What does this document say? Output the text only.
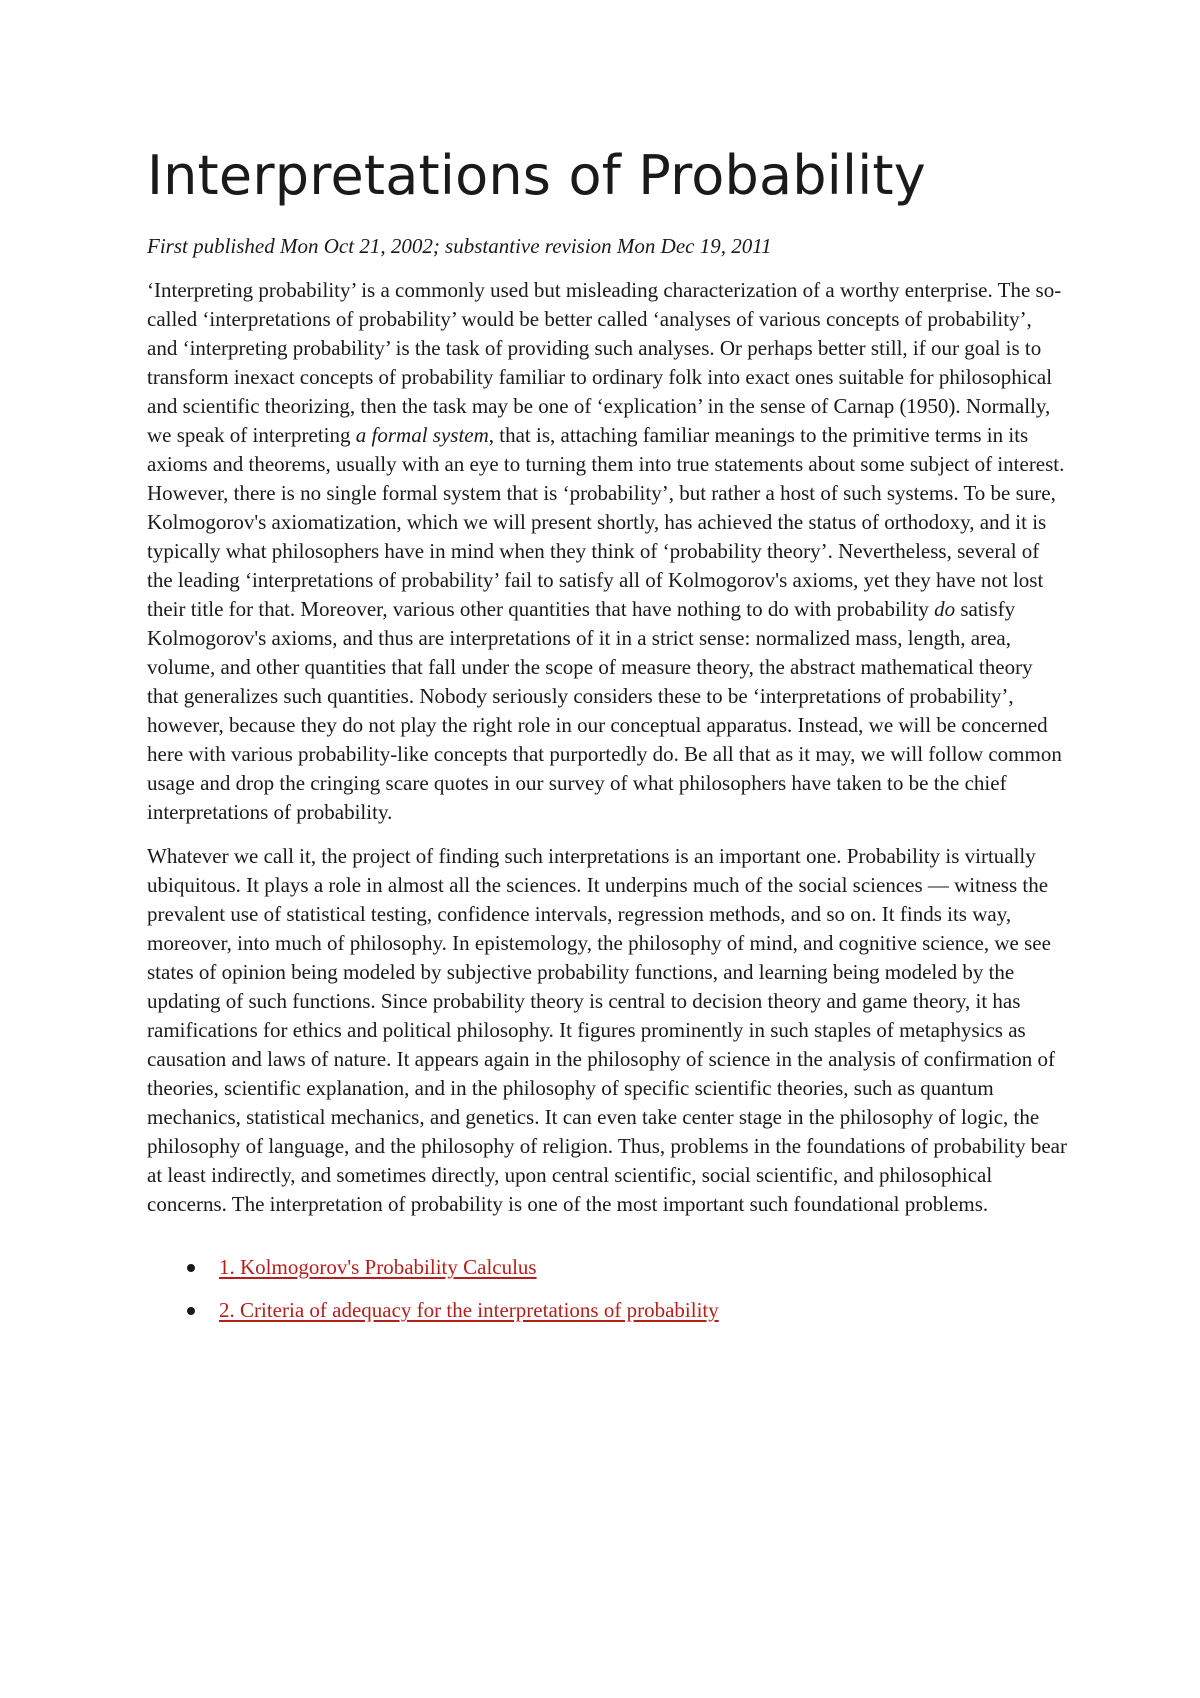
Interpretations of Probability

First published Mon Oct 21, 2002; substantive revision Mon Dec 19, 2011

‘Interpreting probability’ is a commonly used but misleading characterization of a worthy enterprise. The so-called ‘interpretations of probability’ would be better called ‘analyses of various concepts of probability’, and ‘interpreting probability’ is the task of providing such analyses. Or perhaps better still, if our goal is to transform inexact concepts of probability familiar to ordinary folk into exact ones suitable for philosophical and scientific theorizing, then the task may be one of ‘explication’ in the sense of Carnap (1950). Normally, we speak of interpreting a formal system, that is, attaching familiar meanings to the primitive terms in its axioms and theorems, usually with an eye to turning them into true statements about some subject of interest. However, there is no single formal system that is ‘probability’, but rather a host of such systems. To be sure, Kolmogorov's axiomatization, which we will present shortly, has achieved the status of orthodoxy, and it is typically what philosophers have in mind when they think of ‘probability theory’. Nevertheless, several of the leading ‘interpretations of probability’ fail to satisfy all of Kolmogorov's axioms, yet they have not lost their title for that. Moreover, various other quantities that have nothing to do with probability do satisfy Kolmogorov's axioms, and thus are interpretations of it in a strict sense: normalized mass, length, area, volume, and other quantities that fall under the scope of measure theory, the abstract mathematical theory that generalizes such quantities. Nobody seriously considers these to be ‘interpretations of probability’, however, because they do not play the right role in our conceptual apparatus. Instead, we will be concerned here with various probability-like concepts that purportedly do. Be all that as it may, we will follow common usage and drop the cringing scare quotes in our survey of what philosophers have taken to be the chief interpretations of probability.

Whatever we call it, the project of finding such interpretations is an important one. Probability is virtually ubiquitous. It plays a role in almost all the sciences. It underpins much of the social sciences — witness the prevalent use of statistical testing, confidence intervals, regression methods, and so on. It finds its way, moreover, into much of philosophy. In epistemology, the philosophy of mind, and cognitive science, we see states of opinion being modeled by subjective probability functions, and learning being modeled by the updating of such functions. Since probability theory is central to decision theory and game theory, it has ramifications for ethics and political philosophy. It figures prominently in such staples of metaphysics as causation and laws of nature. It appears again in the philosophy of science in the analysis of confirmation of theories, scientific explanation, and in the philosophy of specific scientific theories, such as quantum mechanics, statistical mechanics, and genetics. It can even take center stage in the philosophy of logic, the philosophy of language, and the philosophy of religion. Thus, problems in the foundations of probability bear at least indirectly, and sometimes directly, upon central scientific, social scientific, and philosophical concerns. The interpretation of probability is one of the most important such foundational problems.

1. Kolmogorov's Probability Calculus
2. Criteria of adequacy for the interpretations of probability
